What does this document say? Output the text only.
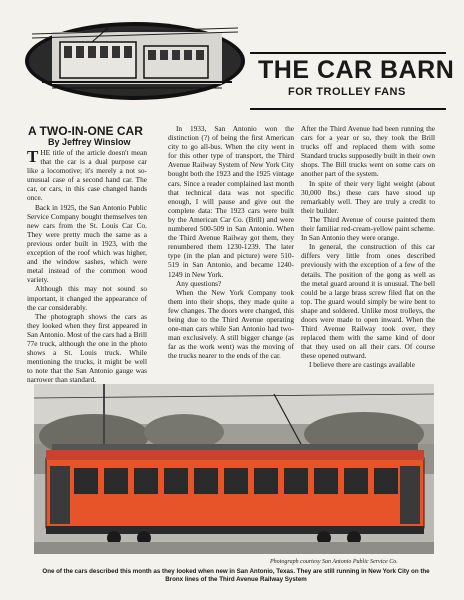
THE CAR BARN
FOR TROLLEY FANS
A TWO-IN-ONE CAR
By Jeffrey Winslow

THE title of the article doesn't mean that the car is a dual purpose car like a locomotive; it's merely a not so-unusual case of a second hand car. The car, or cars, in this case changed hands once.

Back in 1925, the San Antonio Public Service Company bought themselves ten new cars from the St. Louis Car Co. They were pretty much the same as a previous order built in 1923, with the exception of the roof which was higher, and the window sashes, which were metal instead of the common wood variety.

Although this may not sound so important, it changed the appearance of the car considerably.

The photograph shows the cars as they looked when they first appeared in San Antonio. Most of the cars had a Brill 77e truck, although the one in the photo shows a St. Louis truck. While mentioning the trucks, it might be well to note that the San Antonio gauge was narrower than standard.

In 1933, San Antonio won the distinction (?) of being the first American city to go all-bus. When the city went in for this other type of transport, the Third Avenue Railway System of New York City bought both the 1923 and the 1925 vintage cars. Since a reader complained last month that technical data was not specific enough, I will pause and give out the complete data: The 1923 cars were built by the American Car Co. (Brill) and were numbered 500-509 in San Antonio. When the Third Avenue Railway got them, they renumbered them 1230-1239. The later type (in the plan and picture) were 510-519 in San Antonio, and became 1240-1249 in New York.

Any questions?

When the New York Company took them into their shops, they made quite a few changes. The doors were changed, this being due to the Third Avenue operating one-man cars while San Antonio had two-man exclusively. A still bigger change (as far as the work went) was the moving of the trucks nearer to the ends of the car.

After the Third Avenue had been running the cars for a year or so, they took the Brill trucks off and replaced them with some Standard trucks supposedly built in their own shops. The Bill trucks went on some cars on another part of the system.

In spite of their very light weight (about 30,000 lbs.) these cars have stood up remarkably well. They are truly a credit to their builder.

The Third Avenue of course painted them their familiar red-cream-yellow paint scheme. In San Antonio they were orange.

In general, the construction of this car differs very little from ones described previously with the exception of a few of the details. The position of the gong as well as the metal guard around it is unusual. The bell could be a large brass screw filed flat on the top. The guard would simply be wire bent to shape and soldered. Unlike most trolleys, the doors were made to open inward. When the Third Avenue Railway took over, they replaced them with the same kind of door that they used on all their cars. Of course these opened outward.

I believe there are castings available

Photograph courtesy San Antonio Public Service Co.
One of the cars described this month as they looked when new in San Antonio, Texas. They are still running in New York City on the Bronx lines of the Third Avenue Railway System
